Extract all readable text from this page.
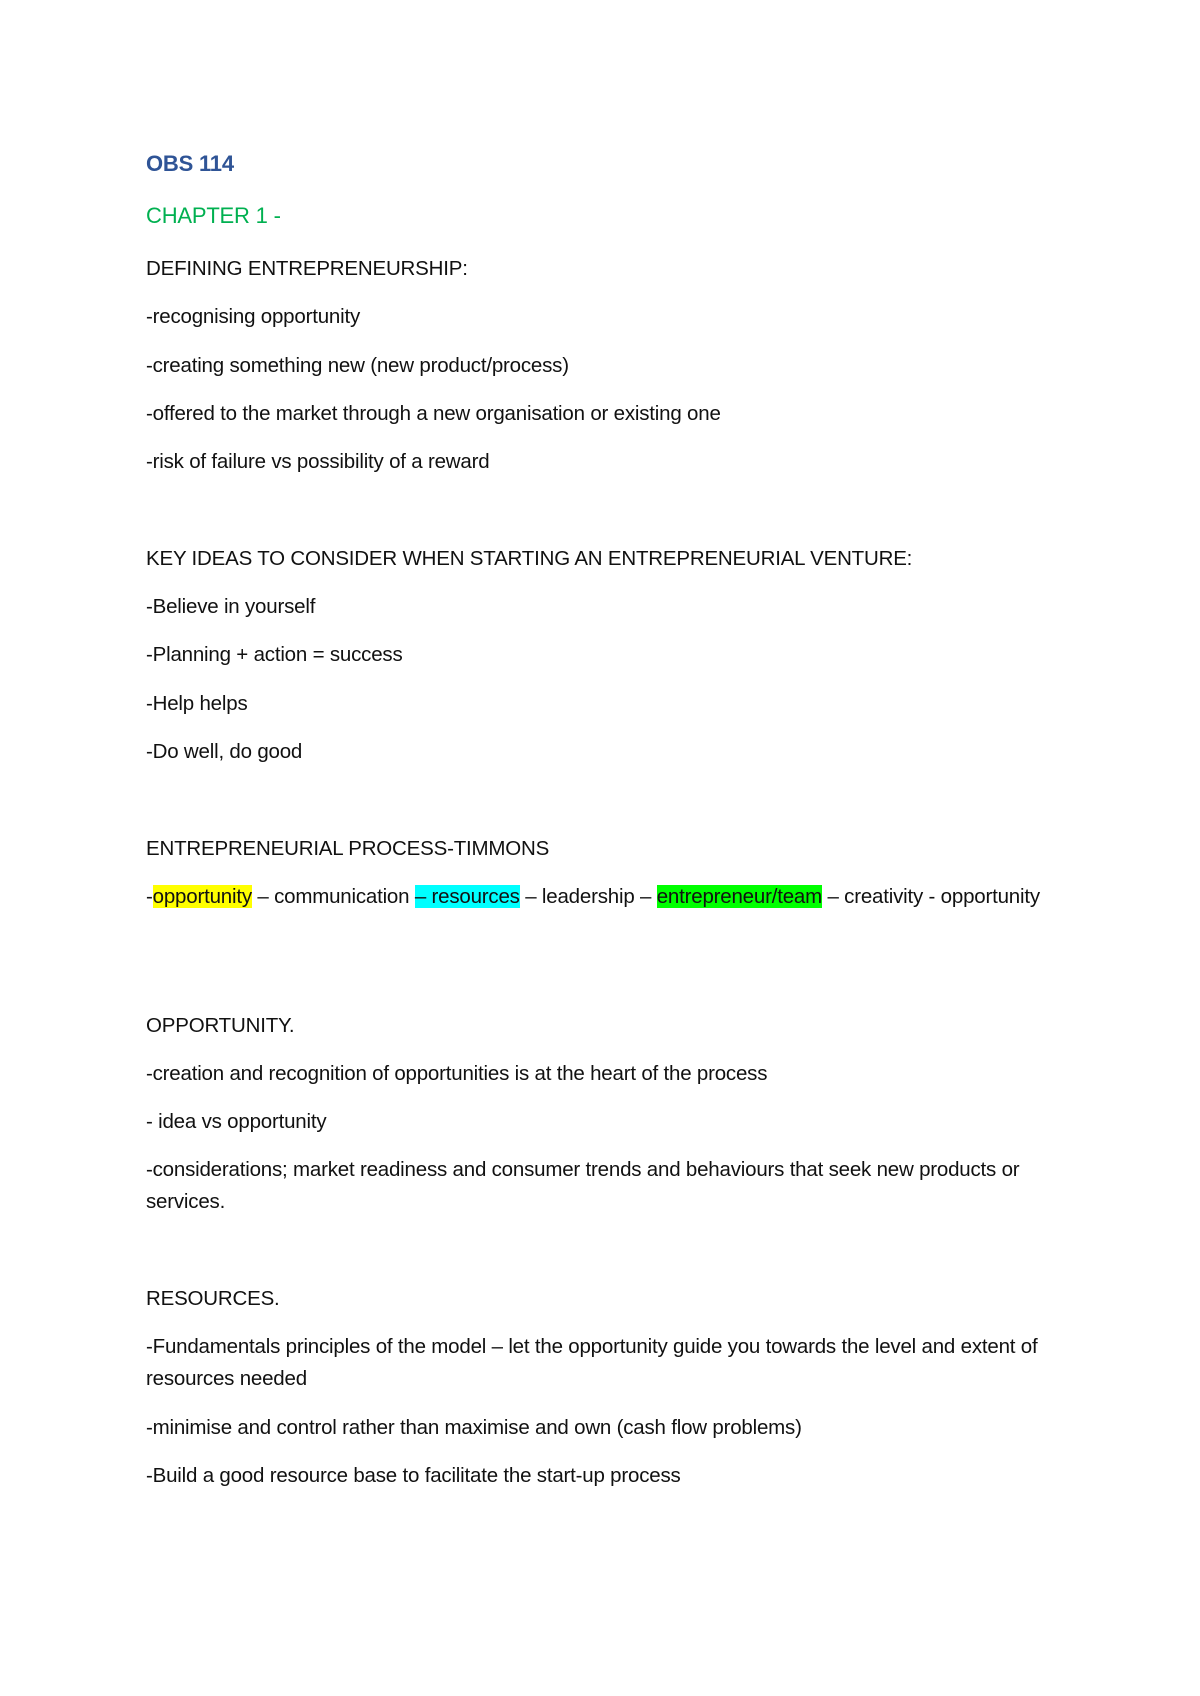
OBS 114
CHAPTER 1 -
DEFINING ENTREPRENEURSHIP:
-recognising opportunity
-creating something new (new product/process)
-offered to the market through a new organisation or existing one
-risk of failure vs possibility of a reward
KEY IDEAS TO CONSIDER WHEN STARTING AN ENTREPRENEURIAL VENTURE:
-Believe in yourself
-Planning + action = success
-Help helps
-Do well, do good
ENTREPRENEURIAL PROCESS-TIMMONS
-opportunity – communication – resources – leadership – entrepreneur/team – creativity - opportunity
OPPORTUNITY.
-creation and recognition of opportunities is at the heart of the process
- idea vs opportunity
-considerations; market readiness and consumer trends and behaviours that seek new products or services.
RESOURCES.
-Fundamentals principles of the model – let the opportunity guide you towards the level and extent of resources needed
-minimise and control rather than maximise and own (cash flow problems)
-Build a good resource base to facilitate the start-up process
